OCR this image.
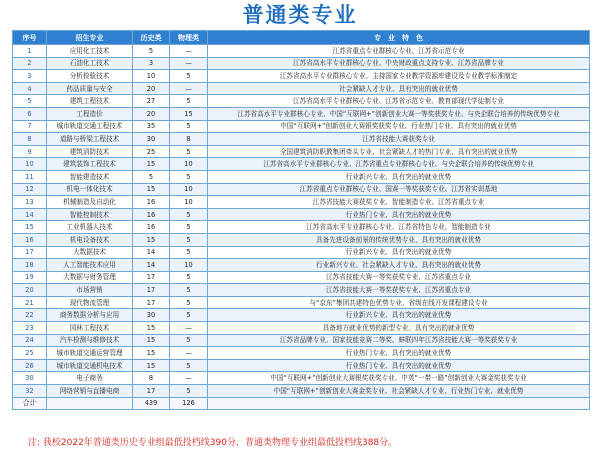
普通类专业
序号	招生专业	历史类	物理类	专　业　特　色
1	应用化工技术	5	—	江苏省重点专业群核心专业、江苏省示范专业
2	石油化工技术	3	—	江苏省高水平专业群核心专业、中央财政重点支持专业、江苏省品牌专业
3	分析检验技术	10	5	江苏省高水平专业群核心专业、主持国家专业教学资源库建设及专业教学标准制定
4	药品质量与安全	20	—	社会紧缺人才专业、具有突出的就业优势
5	建筑工程技术	27	5	江苏省高水平专业群核心专业、江苏省示范专业、教育部现代学徒制专业
6	工程造价	20	15	江苏省高水平专业群核心专业、中国“互联网+”创新创业大赛一等奖获奖专业、与央企联合培养的传统优势专业
7	城市轨道交通工程技术	35	5	中国“互联网+”创新创业大赛银奖获奖专业、行业热门专业、具有突出的就业优势
8	道路与桥梁工程技术	30	8	江苏省技能大赛获奖专业
9	建筑消防技术	25	5	全国建筑消防职教集团牵头专业、社会紧缺人才的热门专业、具有突出的就业优势
10	建筑装饰工程技术	15	10	江苏省高水平专业群核心专业、江苏省重点专业群核心专业、与央企联合培养的传统优势专业
11	智能建造技术	5	5	行业新兴专业、具有突出的就业优势
12	机电一体化技术	15	10	江苏省重点专业群核心专业、国赛一等奖获奖专业、江苏省实训基地
13	机械制造及自动化	16	10	江苏省技能大赛获奖专业、智能制造专业、江苏省重点专业
14	智能控制技术	16	5	行业热门专业、具有突出的就业优势
15	工业机器人技术	16	5	江苏省高水平专业群核心专业、江苏省特色专业、智能制造专业
16	机电设备技术	15	5	具备先进设备前景的传统优势专业、具有突出的就业优势
17	大数据技术	14	5	行业新兴专业、具有突出的就业优势
18	人工智能技术应用	14	10	行业新兴专业、社会紧缺人才专业、具有突出的就业优势
19	大数据与财务管理	17	5	江苏省技能大赛一等奖获奖专业、江苏省重点专业
20	市场营销	17	5	江苏省技能大赛一等奖获奖专业、江苏省重点专业
21	现代物流管理	17	5	与“京东”集团共建特色优势专业、省级在线开发课程建设专业
22	商务数据分析与应用	30	5	行业新兴专业、具有突出的就业优势
23	园林工程技术	15	—	具备地方就业优势的新型专业、具有突出的就业优势
24	汽车检测与维修技术	15	5	江苏省品牌专业、国家技能竞赛二等奖、蚌联四年江苏省技能大赛一等奖获奖专业
25	城市轨道交通运营管理	15	—	行业热门专业、具有突出的就业优势
26	城市轨道交通机电技术	15	5	行业热门专业、具有突出的就业优势
30	电子商务	8	—	中国“互联网+”创新创业大赛银奖获奖专业、中英“一带一路”创新创业大赛金奖获奖专业
32	网络营销与直播电商	17	5	中国“互联网+”创新创业大赛金奖专业、社会紧缺人才专业、行业热门专业、就业优势
合计		439	126	
注: 我校2022年普通类历史专业组最低投档线390分，普通类物理专业组最低投档线388分。
